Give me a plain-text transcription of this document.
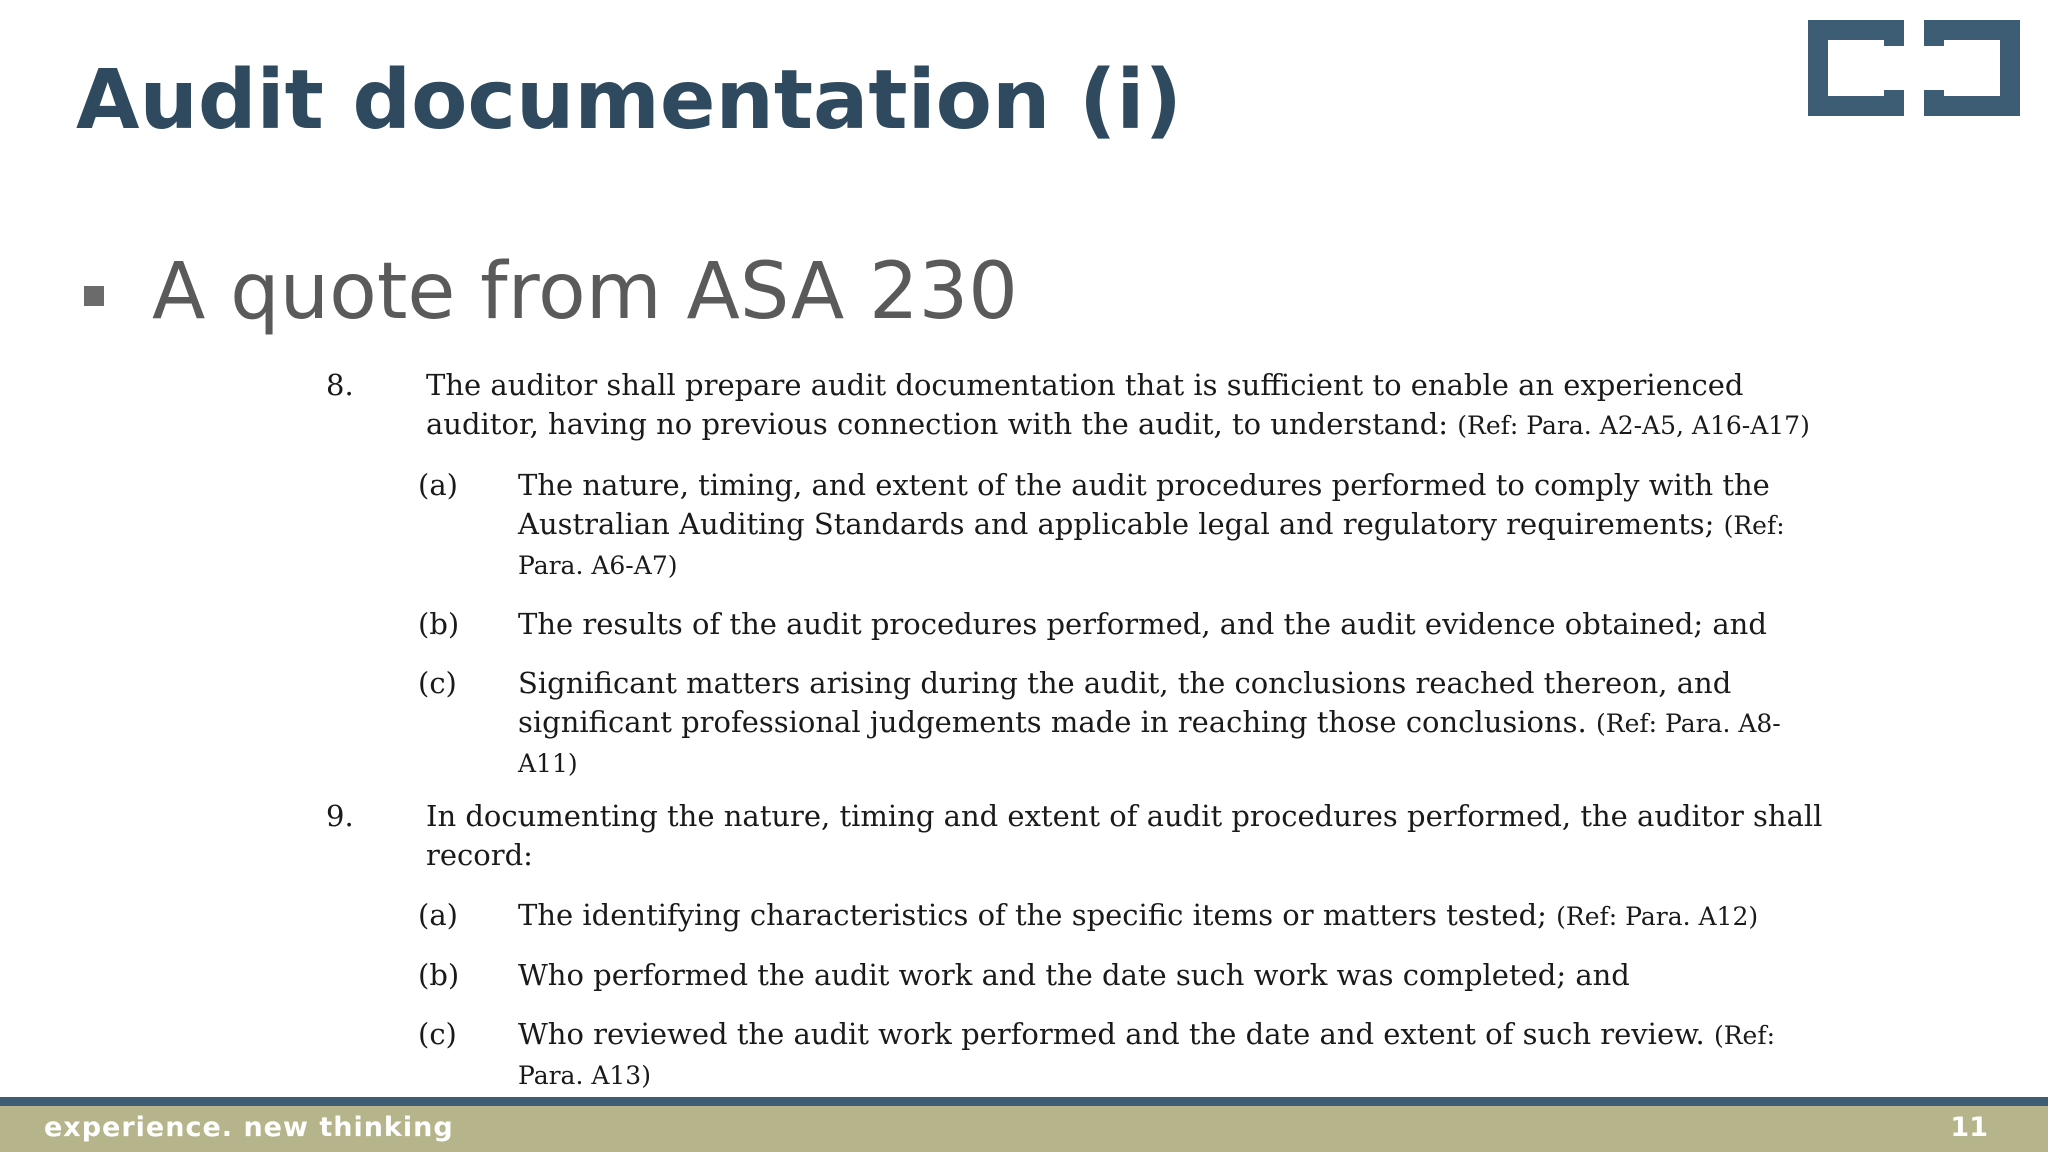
Audit documentation (i)

A quote from ASA 230

8.	The auditor shall prepare audit documentation that is sufficient to enable an experienced auditor, having no previous connection with the audit, to understand: (Ref: Para. A2-A5, A16-A17)
(a)	The nature, timing, and extent of the audit procedures performed to comply with the Australian Auditing Standards and applicable legal and regulatory requirements; (Ref: Para. A6-A7)
(b)	The results of the audit procedures performed, and the audit evidence obtained; and
(c)	Significant matters arising during the audit, the conclusions reached thereon, and significant professional judgements made in reaching those conclusions. (Ref: Para. A8-A11)
9.	In documenting the nature, timing and extent of audit procedures performed, the auditor shall record:
(a)	The identifying characteristics of the specific items or matters tested; (Ref: Para. A12)
(b)	Who performed the audit work and the date such work was completed; and
(c)	Who reviewed the audit work performed and the date and extent of such review. (Ref: Para. A13)
experience. new thinking	11
